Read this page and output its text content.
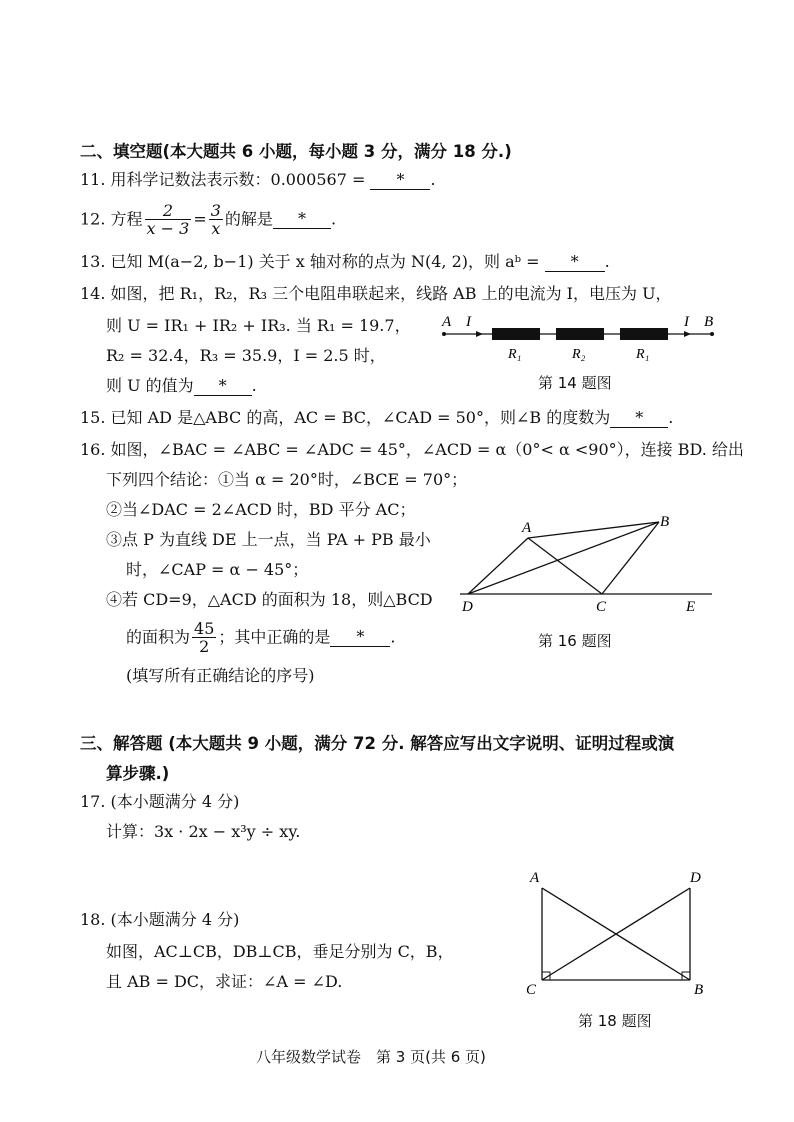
二、填空题(本大题共 6 小题，每小题 3 分，满分 18 分.)
11. 用科学记数法表示数：0.000567 = * .
12. 方程 $\frac{2}{x - 3} = \frac{3}{x}$ 的解是 * .
13. 已知 M(a−2, b−1) 关于 x 轴对称的点为 N(4, 2)，则 aᵇ = * .
14. 如图，把 R₁，R₂，R₃ 三个电阻串联起来，线路 AB 上的电流为 I，电压为 U，
则 U = IR₁ + IR₂ + IR₃. 当 R₁ = 19.7，
R₂ = 32.4，R₃ = 35.9，I = 2.5 时，
则 U 的值为 * .
A I	I B
R₁	R₂	R₁
第 14 题图
15. 已知 AD 是△ABC 的高，AC = BC，∠CAD = 50°，则∠B 的度数为 * .
16. 如图，∠BAC = ∠ABC = ∠ADC = 45°，∠ACD = α（0°< α <90°），连接 BD. 给出
下列四个结论：①当 α = 20°时，∠BCE = 70°；
②当∠DAC = 2∠ACD 时，BD 平分 AC；
③点 P 为直线 DE 上一点，当 PA + PB 最小
时，∠CAP = α − 45°；
④若 CD=9，△ACD 的面积为 18，则△BCD
的面积为 $\frac{45}{2}$ ；其中正确的是 * .
(填写所有正确结论的序号)
A	B
C
D	E
第 16 题图
三、解答题 (本大题共 9 小题，满分 72 分. 解答应写出文字说明、证明过程或演
算步骤.)
17. (本小题满分 4 分)
计算：3x · 2x − x³y ÷ xy.
18. (本小题满分 4 分)
如图，AC⊥CB，DB⊥CB，垂足分别为 C，B，
且 AB = DC，求证：∠A = ∠D.
A	D
C	B
第 18 题图
八年级数学试卷　第 3 页(共 6 页)
